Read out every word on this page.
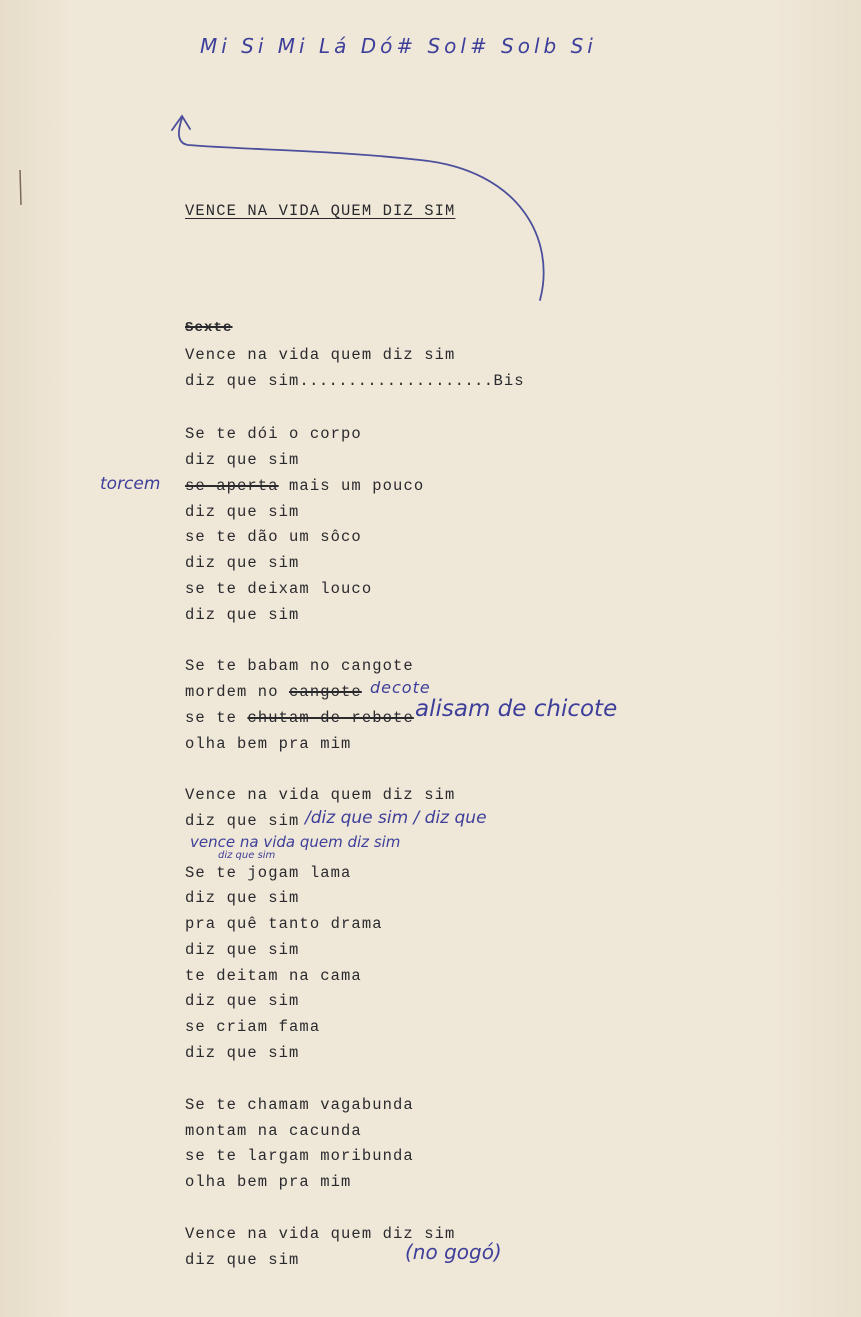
Mi Si Mi Lá Dó# Sol# Solb Si
VENCE NA VIDA QUEM DIZ SIM
Sexte
Vence na vida quem diz sim
diz que sim....................Bis
Se te dói o corpo
diz que sim
se aperta mais um pouco
torcem
diz que sim
se te dão um sôco
diz que sim
se te deixam louco
diz que sim
Se te babam no cangote
mordem no cangote decote
se te chutam de rebote alisam de chicote
olha bem pra mim
Vence na vida quem diz sim
diz que sim /diz que sim / diz que
vence na vida quem diz sim
diz que sim
Se te jogam lama
diz que sim
pra quê tanto drama
diz que sim
te deitam na cama
diz que sim
se criam fama
diz que sim
Se te chamam vagabunda
montam na cacunda
se te largam moribunda
olha bem pra mim
Vence na vida quem diz sim
diz que sim	(no gogó)
